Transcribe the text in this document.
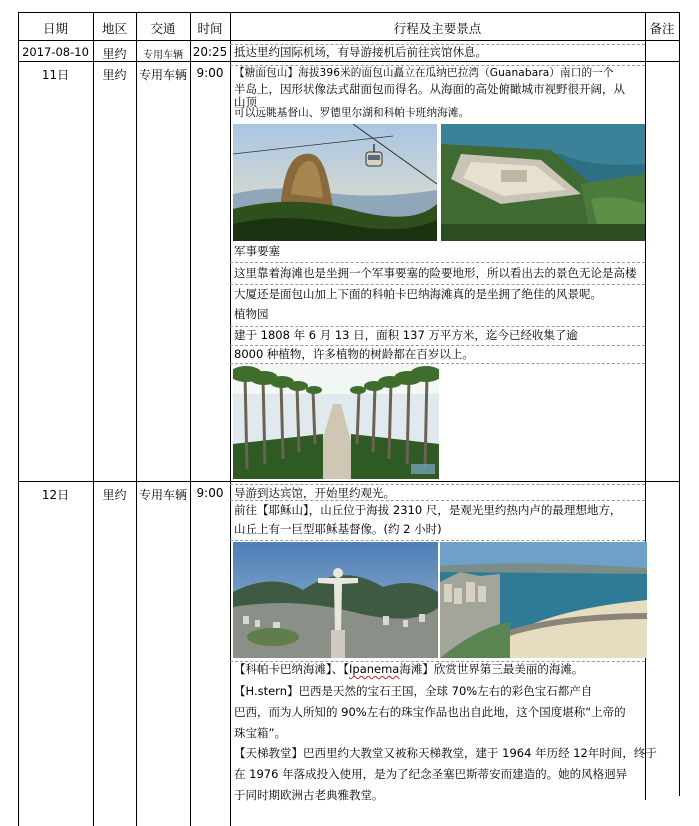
日期	地区	交通	时间	行程及主要景点	备注
2017-08-10	里约	专用车辆 20:25 抵达里约国际机场，有导游接机后前往宾馆休息。
11日	里约	专用车辆 9:00 【糖面包山】海拔396米的面包山矗立在瓜纳巴拉湾（Guanabara）南口的一个
半岛上，因形状像法式甜面包而得名。从海面的高处俯瞰城市视野很开阔，从
山顶
可以远眺基督山、罗德里尔湖和科帕卡班纳海滩。
军事要塞
这里靠着海滩也是坐拥一个军事要塞的险要地形，所以看出去的景色无论是高楼
大厦还是面包山加上下面的科帕卡巴纳海滩真的是坐拥了绝佳的风景呢。
植物园
建于 1808 年 6 月 13 日，面积 137 万平方米，迄今已经收集了逾
8000 种植物，许多植物的树龄都在百岁以上。
12日	里约	专用车辆 9:00 导游到达宾馆，开始里约观光。
前往【耶稣山】，山丘位于海拔 2310 尺，是观光里约热内卢的最理想地方，
山丘上有一巨型耶稣基督像。(约 2 小时)
【科帕卡巴纳海滩】、【Ipanema海滩】欣赏世界第三最美丽的海滩。
【H.stern】巴西是天然的宝石王国，全球 70%左右的彩色宝石都产自
巴西，而为人所知的 90%左右的珠宝作品也出自此地，这个国度堪称“上帝的
珠宝箱”。
【天梯教堂】巴西里约大教堂又被称天梯教堂，建于 1964 年历经 12年时间，终于
在 1976 年落成投入使用，是为了纪念圣塞巴斯蒂安而建造的。她的风格迥异
于同时期欧洲古老典雅教堂。
